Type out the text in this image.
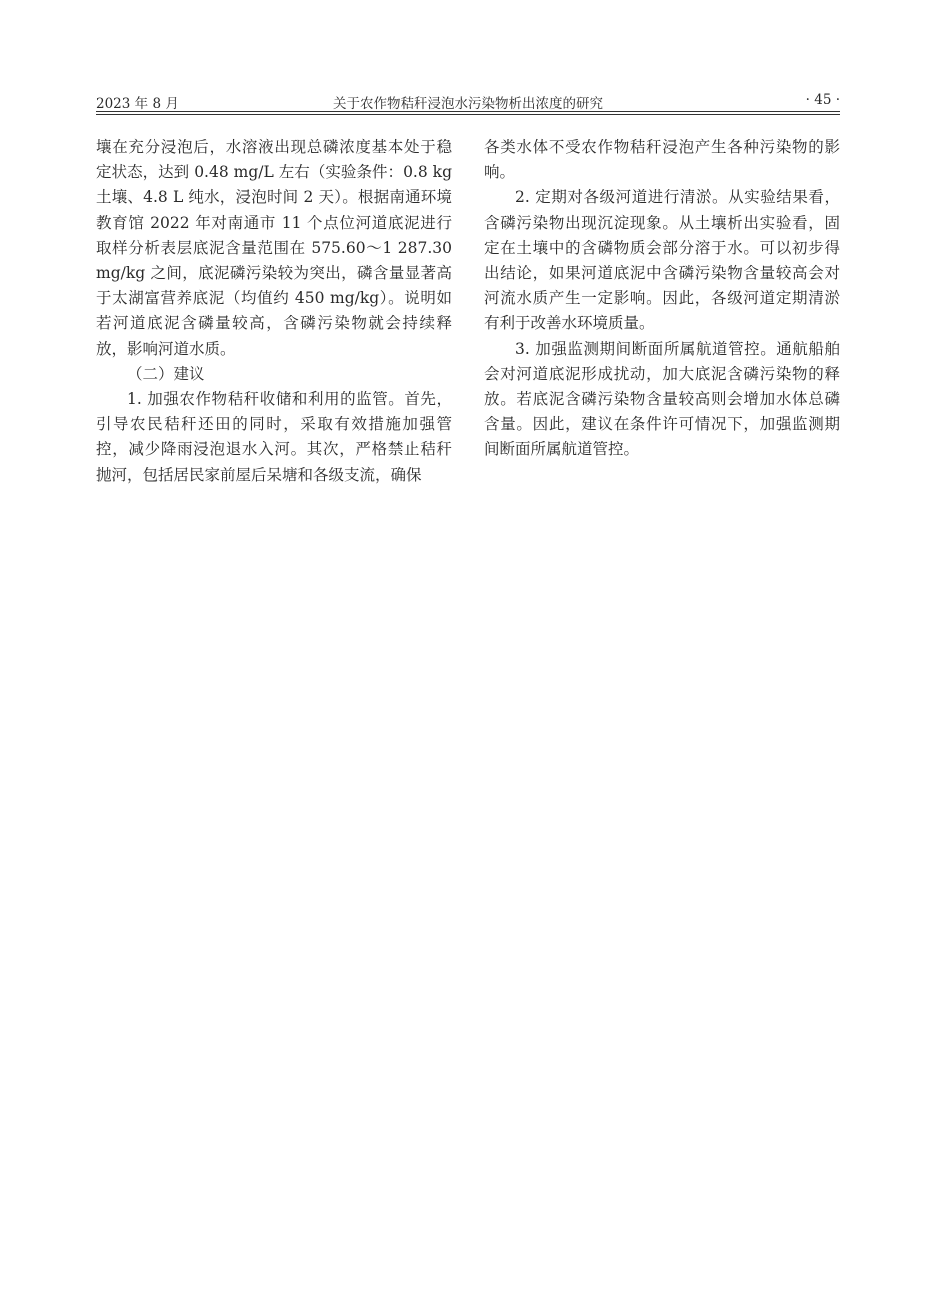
2023 年 8 月	关于农作物秸秆浸泡水污染物析出浓度的研究	· 45 ·

壤在充分浸泡后，水溶液出现总磷浓度基本处于稳定状态，达到 0.48 mg/L 左右（实验条件：0.8 kg 土壤、4.8 L 纯水，浸泡时间 2 天）。根据南通环境教育馆 2022 年对南通市 11 个点位河道底泥进行取样分析表层底泥含量范围在 575.60～1 287.30 mg/kg 之间，底泥磷污染较为突出，磷含量显著高于太湖富营养底泥（均值约 450 mg/kg）。说明如若河道底泥含磷量较高，含磷污染物就会持续释放，影响河道水质。

（二）建议

1. 加强农作物秸秆收储和利用的监管。首先，引导农民秸秆还田的同时，采取有效措施加强管控，减少降雨浸泡退水入河。其次，严格禁止秸秆抛河，包括居民家前屋后呆塘和各级支流，确保

各类水体不受农作物秸秆浸泡产生各种污染物的影响。

2. 定期对各级河道进行清淤。从实验结果看，含磷污染物出现沉淀现象。从土壤析出实验看，固定在土壤中的含磷物质会部分溶于水。可以初步得出结论，如果河道底泥中含磷污染物含量较高会对河流水质产生一定影响。因此，各级河道定期清淤有利于改善水环境质量。

3. 加强监测期间断面所属航道管控。通航船舶会对河道底泥形成扰动，加大底泥含磷污染物的释放。若底泥含磷污染物含量较高则会增加水体总磷含量。因此，建议在条件许可情况下，加强监测期间断面所属航道管控。
